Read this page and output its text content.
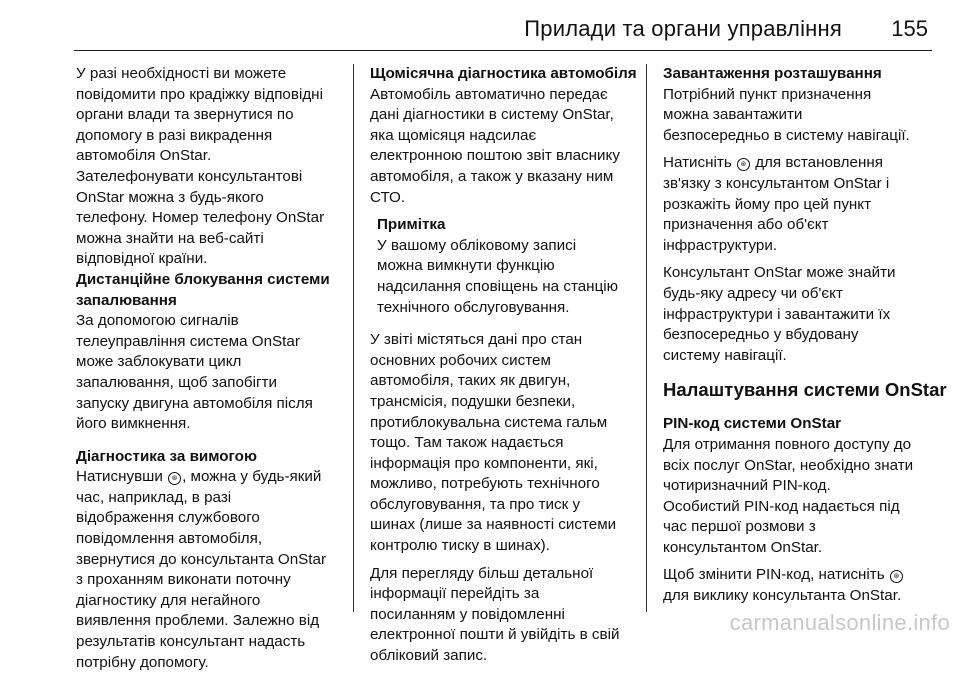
Прилади та органи управління 155
У разі необхідності ви можете
повідомити про крадіжку відповідні
органи влади та звернутися по
допомогу в разі викрадення
автомобіля OnStar.
Зателефонувати консультантові
OnStar можна з будь-якого
телефону. Номер телефону OnStar
можна знайти на веб-сайті
відповідної країни.
Дистанційне блокування системи
запалювання
За допомогою сигналів
телеуправління система OnStar
може заблокувати цикл
запалювання, щоб запобігти
запуску двигуна автомобіля після
його вимкнення.
Діагностика за вимогою
Натиснувши ⊛ , можна у будь-який
час, наприклад, в разі
відображення службового
повідомлення автомобіля,
звернутися до консультанта OnStar
з проханням виконати поточну
діагностику для негайного
виявлення проблеми. Залежно від
результатів консультант надасть
потрібну допомогу.
Щомісячна діагностика автомобіля
Автомобіль автоматично передає
дані діагностики в систему OnStar,
яка щомісяця надсилає
електронною поштою звіт власнику
автомобіля, а також у вказану ним
СТО.
Примітка
У вашому обліковому записі
можна вимкнути функцію
надсилання сповіщень на станцію
технічного обслуговування.
У звіті містяться дані про стан
основних робочих систем
автомобіля, таких як двигун,
трансмісія, подушки безпеки,
протиблокувальна система гальм
тощо. Там також надається
інформація про компоненти, які,
можливо, потребують технічного
обслуговування, та про тиск у
шинах (лише за наявності системи
контролю тиску в шинах).
Для перегляду більш детальної
інформації перейдіть за
посиланням у повідомленні
електронної пошти й увійдіть в свій
обліковий запис.
Завантаження розташування
Потрібний пункт призначення
можна завантажити
безпосередньо в систему навігації.
Натисніть ⊛ для встановлення
зв'язку з консультантом OnStar і
розкажіть йому про цей пункт
призначення або об'єкт
інфраструктури.
Консультант OnStar може знайти
будь-яку адресу чи об'єкт
інфраструктури і завантажити їх
безпосередньо у вбудовану
систему навігації.
Налаштування системи OnStar
PIN-код системи OnStar
Для отримання повного доступу до
всіх послуг OnStar, необхідно знати
чотиризначний PIN-код.
Особистий PIN-код надається під
час першої розмови з
консультантом OnStar.
Щоб змінити PIN-код, натисніть ⊛
для виклику консультанта OnStar.
carmanualsonline.info
